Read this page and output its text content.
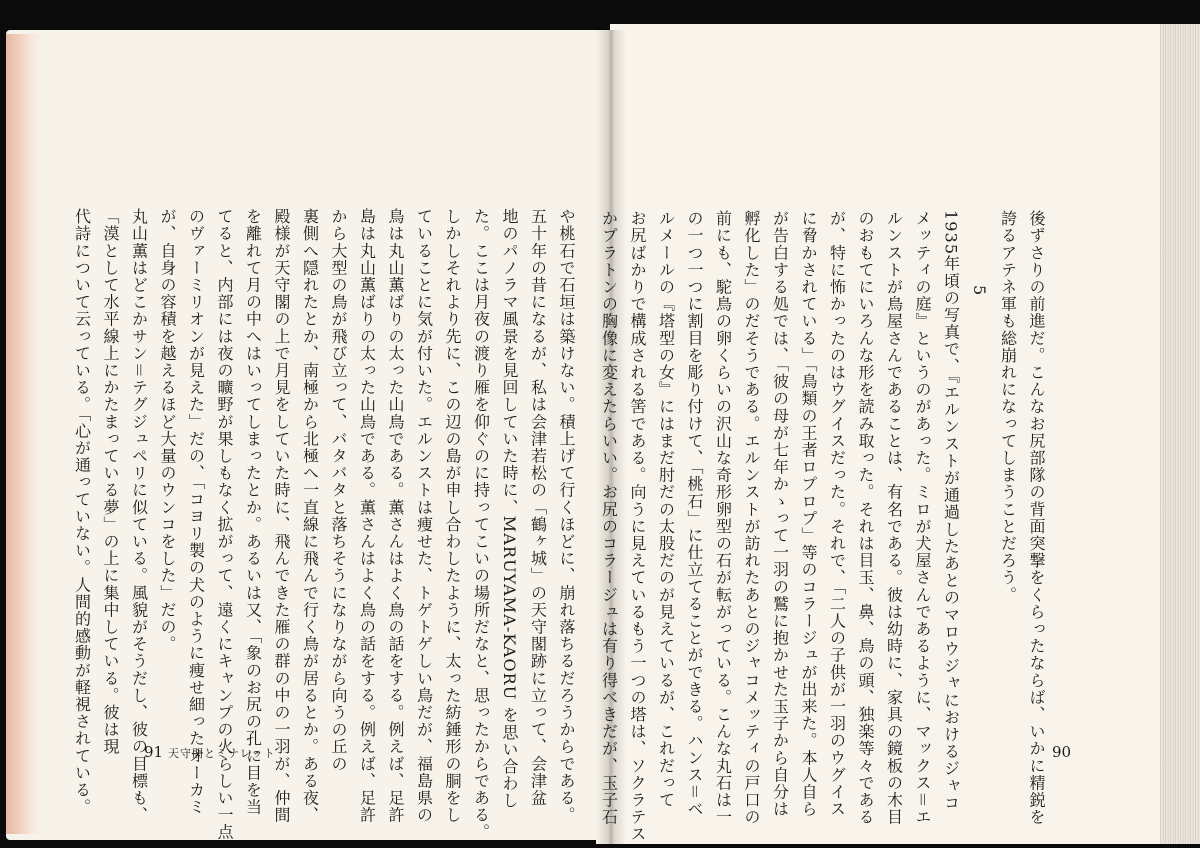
後ずさりの前進だ。こんなお尻部隊の背面突撃をくらったならば、いかに精鋭を
誇るアテネ軍も総崩れになってしまうことだろう。
5
1935年頃の写真で、『エルンストが通過したあとのマロウジャにおけるジャコ
メッティの庭』というのがあった。ミロが犬屋さんであるように、マックス＝エ
ルンストが鳥屋さんであることは、有名である。彼は幼時に、家具の鏡板の木目
のおもてにいろんな形を読み取った。それは目玉、鼻、鳥の頭、独楽等々である
が、特に怖かったのはウグイスだった。それで、「二人の子供が一羽のウグイス
に脅かされている」「鳥類の王者ロプロプ」等のコラージュが出来た。本人自ら
が告白する処では、「彼の母が七年かゝって一羽の鷲に抱かせた玉子から自分は
孵化した」のだそうである。エルンストが訪れたあとのジャコメッティの戸口の
前にも、駝鳥の卵くらいの沢山な奇形卵型の石が転がっている。こんな丸石は一
の一つ一つに割目を彫り付けて、「桃石」に仕立てることができる。ハンス＝ベ
ルメールの『塔型の女』にはまだ肘だの太股だのが見えているが、これだって
お尻ばかりで構成される筈である。向うに見えているもう一つの塔は、ソクラテス
かプラトンの胸像に変えたらいい。お尻のコラージュは有り得べきだが、玉子石
や桃石で石垣は築けない。積上げて行くほどに、崩れ落ちるだろうからである。
五十年の昔になるが、私は会津若松の「鶴ヶ城」の天守閣跡に立って、会津盆
地のパノラマ風景を見回していた時に、MARUYAMA-KAORU を思い合わし
た。ここは月夜の渡り雁を仰ぐのに持ってこいの場所だなと、思ったからである。
しかしそれより先に、この辺の島が申し合わしたように、太った紡錘形の胴をし
ていることに気が付いた。エルンストは痩せた、トゲトゲしい鳥だが、福島県の
鳥は丸山薫ばりの太った山鳥である。薫さんはよく鳥の話をする。例えば、足許
島は丸山薫ばりの太った山鳥である。薫さんはよく鳥の話をする。例えば、足許
から大型の鳥が飛び立って、バタバタと落ちそうになりながら向うの丘の
裏側へ隠れたとか、南極から北極へ一直線に飛んで行く鳥が居るとか。ある夜、
殿様が天守閣の上で月見をしていた時に、飛んできた雁の群の中の一羽が、仲間
を離れて月の中へはいってしまったとか。あるいは又、「象のお尻の孔に目を当
てると、内部には夜の曠野が果しもなく拡がって、遠くにキャンプの火らしい一点
のヴァーミリオンが見えた」だの、「コヨリ製の犬のように痩せ細ったオーカミ
が、自身の容積を越えるほど大量のウンコをした」だの。
丸山薫はどこかサン＝テグジュペリに似ている。風貌がそうだし、彼の目標も、
「漠として水平線上にかたまっている夢」の上に集中している。彼は現
代詩について云っている。「心が通っていない。人間的感動が軽視されている。	91 天守閣とミナレット	90
